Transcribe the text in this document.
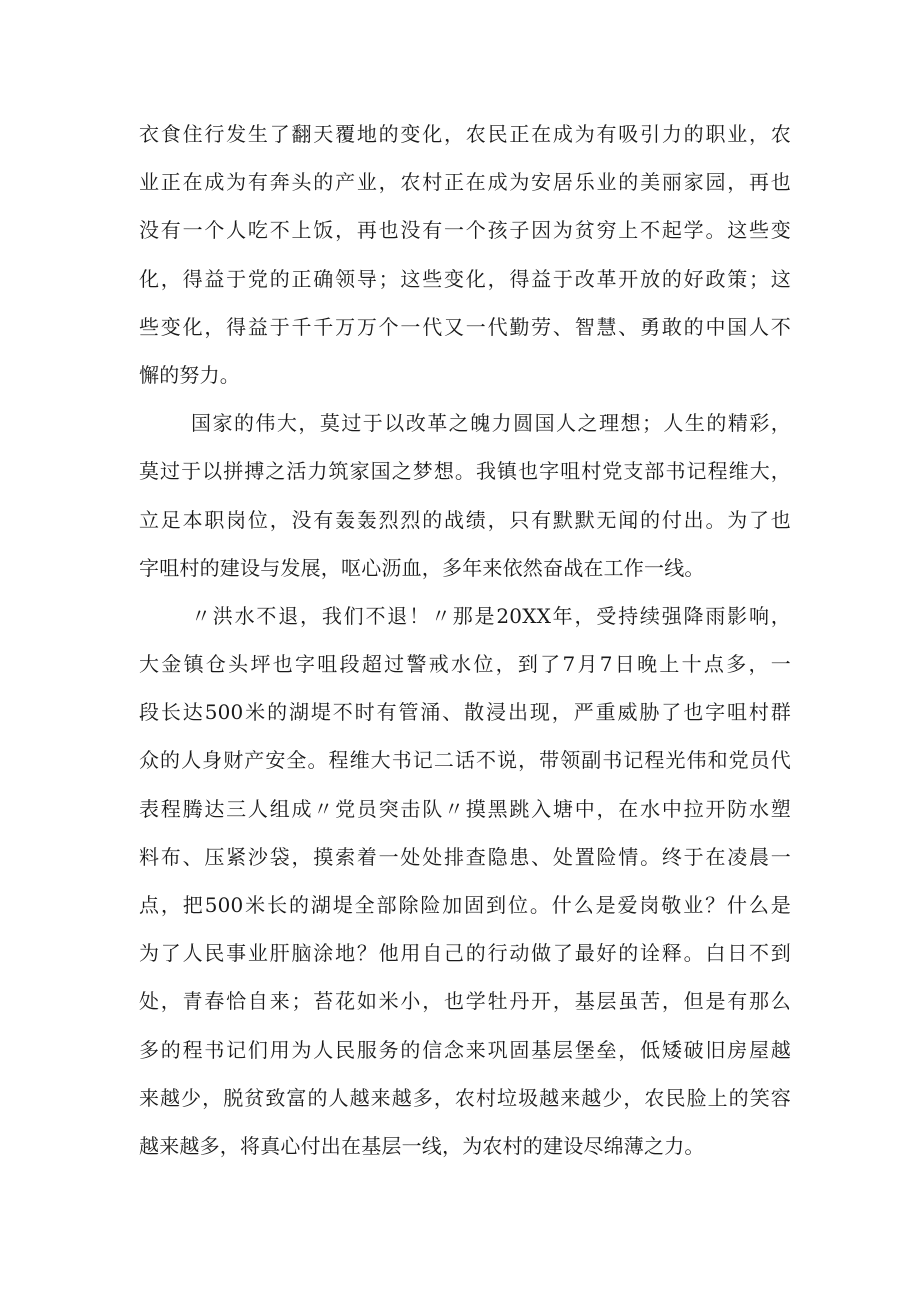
衣食住行发生了翻天覆地的变化，农民正在成为有吸引力的职业，农
业正在成为有奔头的产业，农村正在成为安居乐业的美丽家园，再也
没有一个人吃不上饭，再也没有一个孩子因为贫穷上不起学。这些变
化，得益于党的正确领导；这些变化，得益于改革开放的好政策；这
些变化，得益于千千万万个一代又一代勤劳、智慧、勇敢的中国人不
懈的努力。
国家的伟大，莫过于以改革之魄力圆国人之理想；人生的精彩，
莫过于以拼搏之活力筑家国之梦想。我镇也字咀村党支部书记程维大，
立足本职岗位，没有轰轰烈烈的战绩，只有默默无闻的付出。为了也
字咀村的建设与发展，呕心沥血，多年来依然奋战在工作一线。
〃洪水不退，我们不退！〃那是20XX年，受持续强降雨影响，
大金镇仓头坪也字咀段超过警戒水位，到了7月7日晚上十点多，一
段长达500米的湖堤不时有管涌、散浸出现，严重威胁了也字咀村群
众的人身财产安全。程维大书记二话不说，带领副书记程光伟和党员代
表程腾达三人组成〃党员突击队〃摸黑跳入塘中，在水中拉开防水塑
料布、压紧沙袋，摸索着一处处排查隐患、处置险情。终于在凌晨一
点，把500米长的湖堤全部除险加固到位。什么是爱岗敬业？什么是
为了人民事业肝脑涂地？他用自己的行动做了最好的诠释。白日不到
处，青春恰自来；苔花如米小，也学牡丹开，基层虽苦，但是有那么
多的程书记们用为人民服务的信念来巩固基层堡垒，低矮破旧房屋越
来越少，脱贫致富的人越来越多，农村垃圾越来越少，农民脸上的笑容
越来越多，将真心付出在基层一线，为农村的建设尽绵薄之力。
